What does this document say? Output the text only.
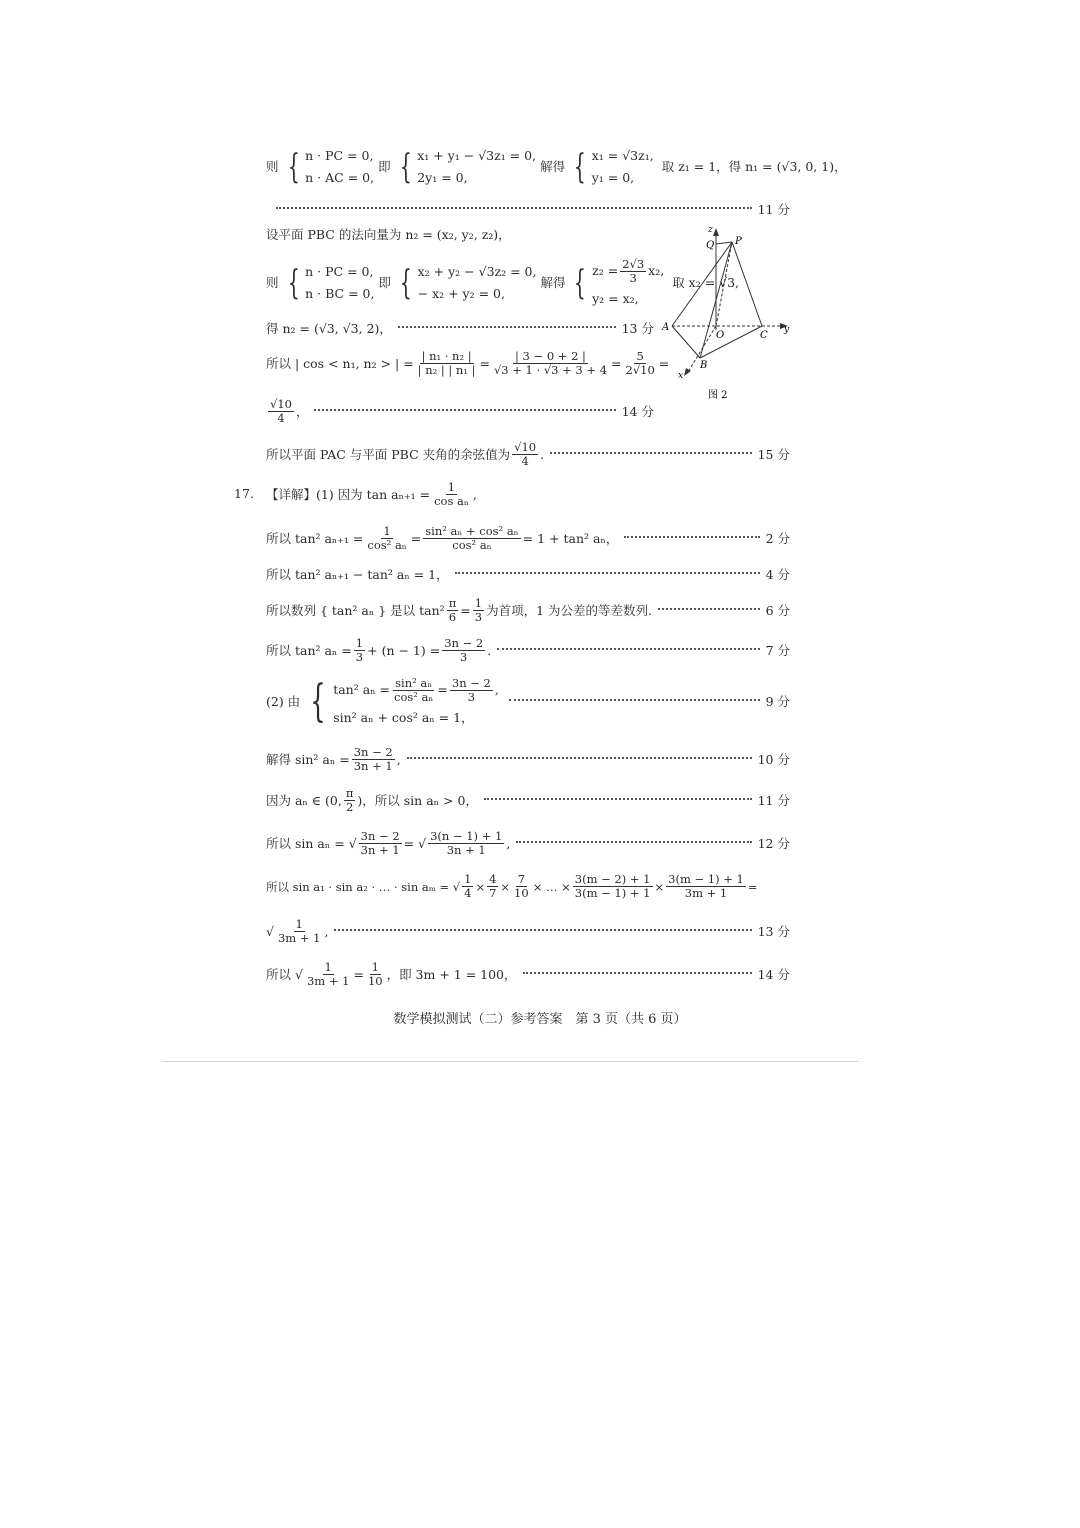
则 { n · PC = 0,
n · AC = 0,
即 { x₁ + y₁ − √3z₁ = 0,
2y₁ = 0,
解得 { x₁ = √3z₁,
y₁ = 0,
取 z₁ = 1，得 n₁ = (√3, 0, 1)，
11 分
设平面 PBC 的法向量为 n₂ = (x₂, y₂, z₂)，
则 { n · PC = 0,
n · BC = 0,
即 { x₂ + y₂ − √3z₂ = 0,
− x₂ + y₂ = 0,
解得 { $z_2 = \frac{2√3}{3} x_2$,
y₂ = x₂,
取 x₂ = √3,
得 n₂ = (√3, √3, 2)，	13 分
所以 | cos < n₁, n₂ > | = $\frac{\text{| n₁ · n₂ |}}{\text{| n₂ | | n₁ |}} = \frac{| 3 - 0 + 2 |}{√3 + 1 \cdot √3 + 3 + 4} = \frac{5}{2√10}$ =
$\frac{√10}{4}$ ，	14 分
所以平面 PAC 与平面 PBC 夹角的余弦值为 $\frac{√10}{4}$ .	15 分
z
Q P
A
O	C y
B
x
图 2
17. 【详解】(1) 因为 $\tan a_{n+1} = \frac{1}{\text{cos aₙ}}$ ,
所以 tan² $a_{n+1} = \frac{1}{\text{cos² aₙ}} = \frac{\text{sin² aₙ + cos² aₙ}}{\text{cos² aₙ}} = 1 + \tan^2$ aₙ，	2 分
所以 tan² aₙ₊₁ − tan² aₙ = 1，	4 分
所以数列 { tan² aₙ } 是以 $\tan^2 \frac{\pi}{6} = \frac{1}{3}$ 为首项，1 为公差的等差数列.	6 分
所以 tan² $a_n = \frac{1}{3} + (n - 1) = \frac{3n - 2}{3}$ .	7 分
(2) 由 { tan² $a_n = \frac{\text{sin² aₙ}}{\text{cos² aₙ}} = \frac{3n - 2}{3}$ ,
sin² aₙ + cos² aₙ = 1，
9 分
解得 sin² $a_n = \frac{3n - 2}{3n + 1}$ ,	10 分
因为 aₙ ∈ (0, $\frac{\pi}{2}$ )，所以 sin aₙ > 0，	11 分
所以 sin aₙ = √ $\frac{3n - 2}{3n + 1}$ = √ $\frac{3(n - 1) + 1}{3n + 1}$ ,	12 分
所以 sin a₁ · sin a₂ · … · sin aₘ = √ $\frac{1}{4} \times \frac{4}{7} \times \frac{7}{10}$ × … × $\frac{3(m - 2) + 1}{3(m - 1) + 1} \times \frac{3(m - 1) + 1}{3m + 1}$ =
√ $\frac{1}{3m + 1}$ ,	13 分
所以 √ $\frac{1}{3m + 1} = \frac{1}{10}$ ，即 3m + 1 = 100，	14 分
数学模拟测试（二）参考答案　第 3 页（共 6 页）
